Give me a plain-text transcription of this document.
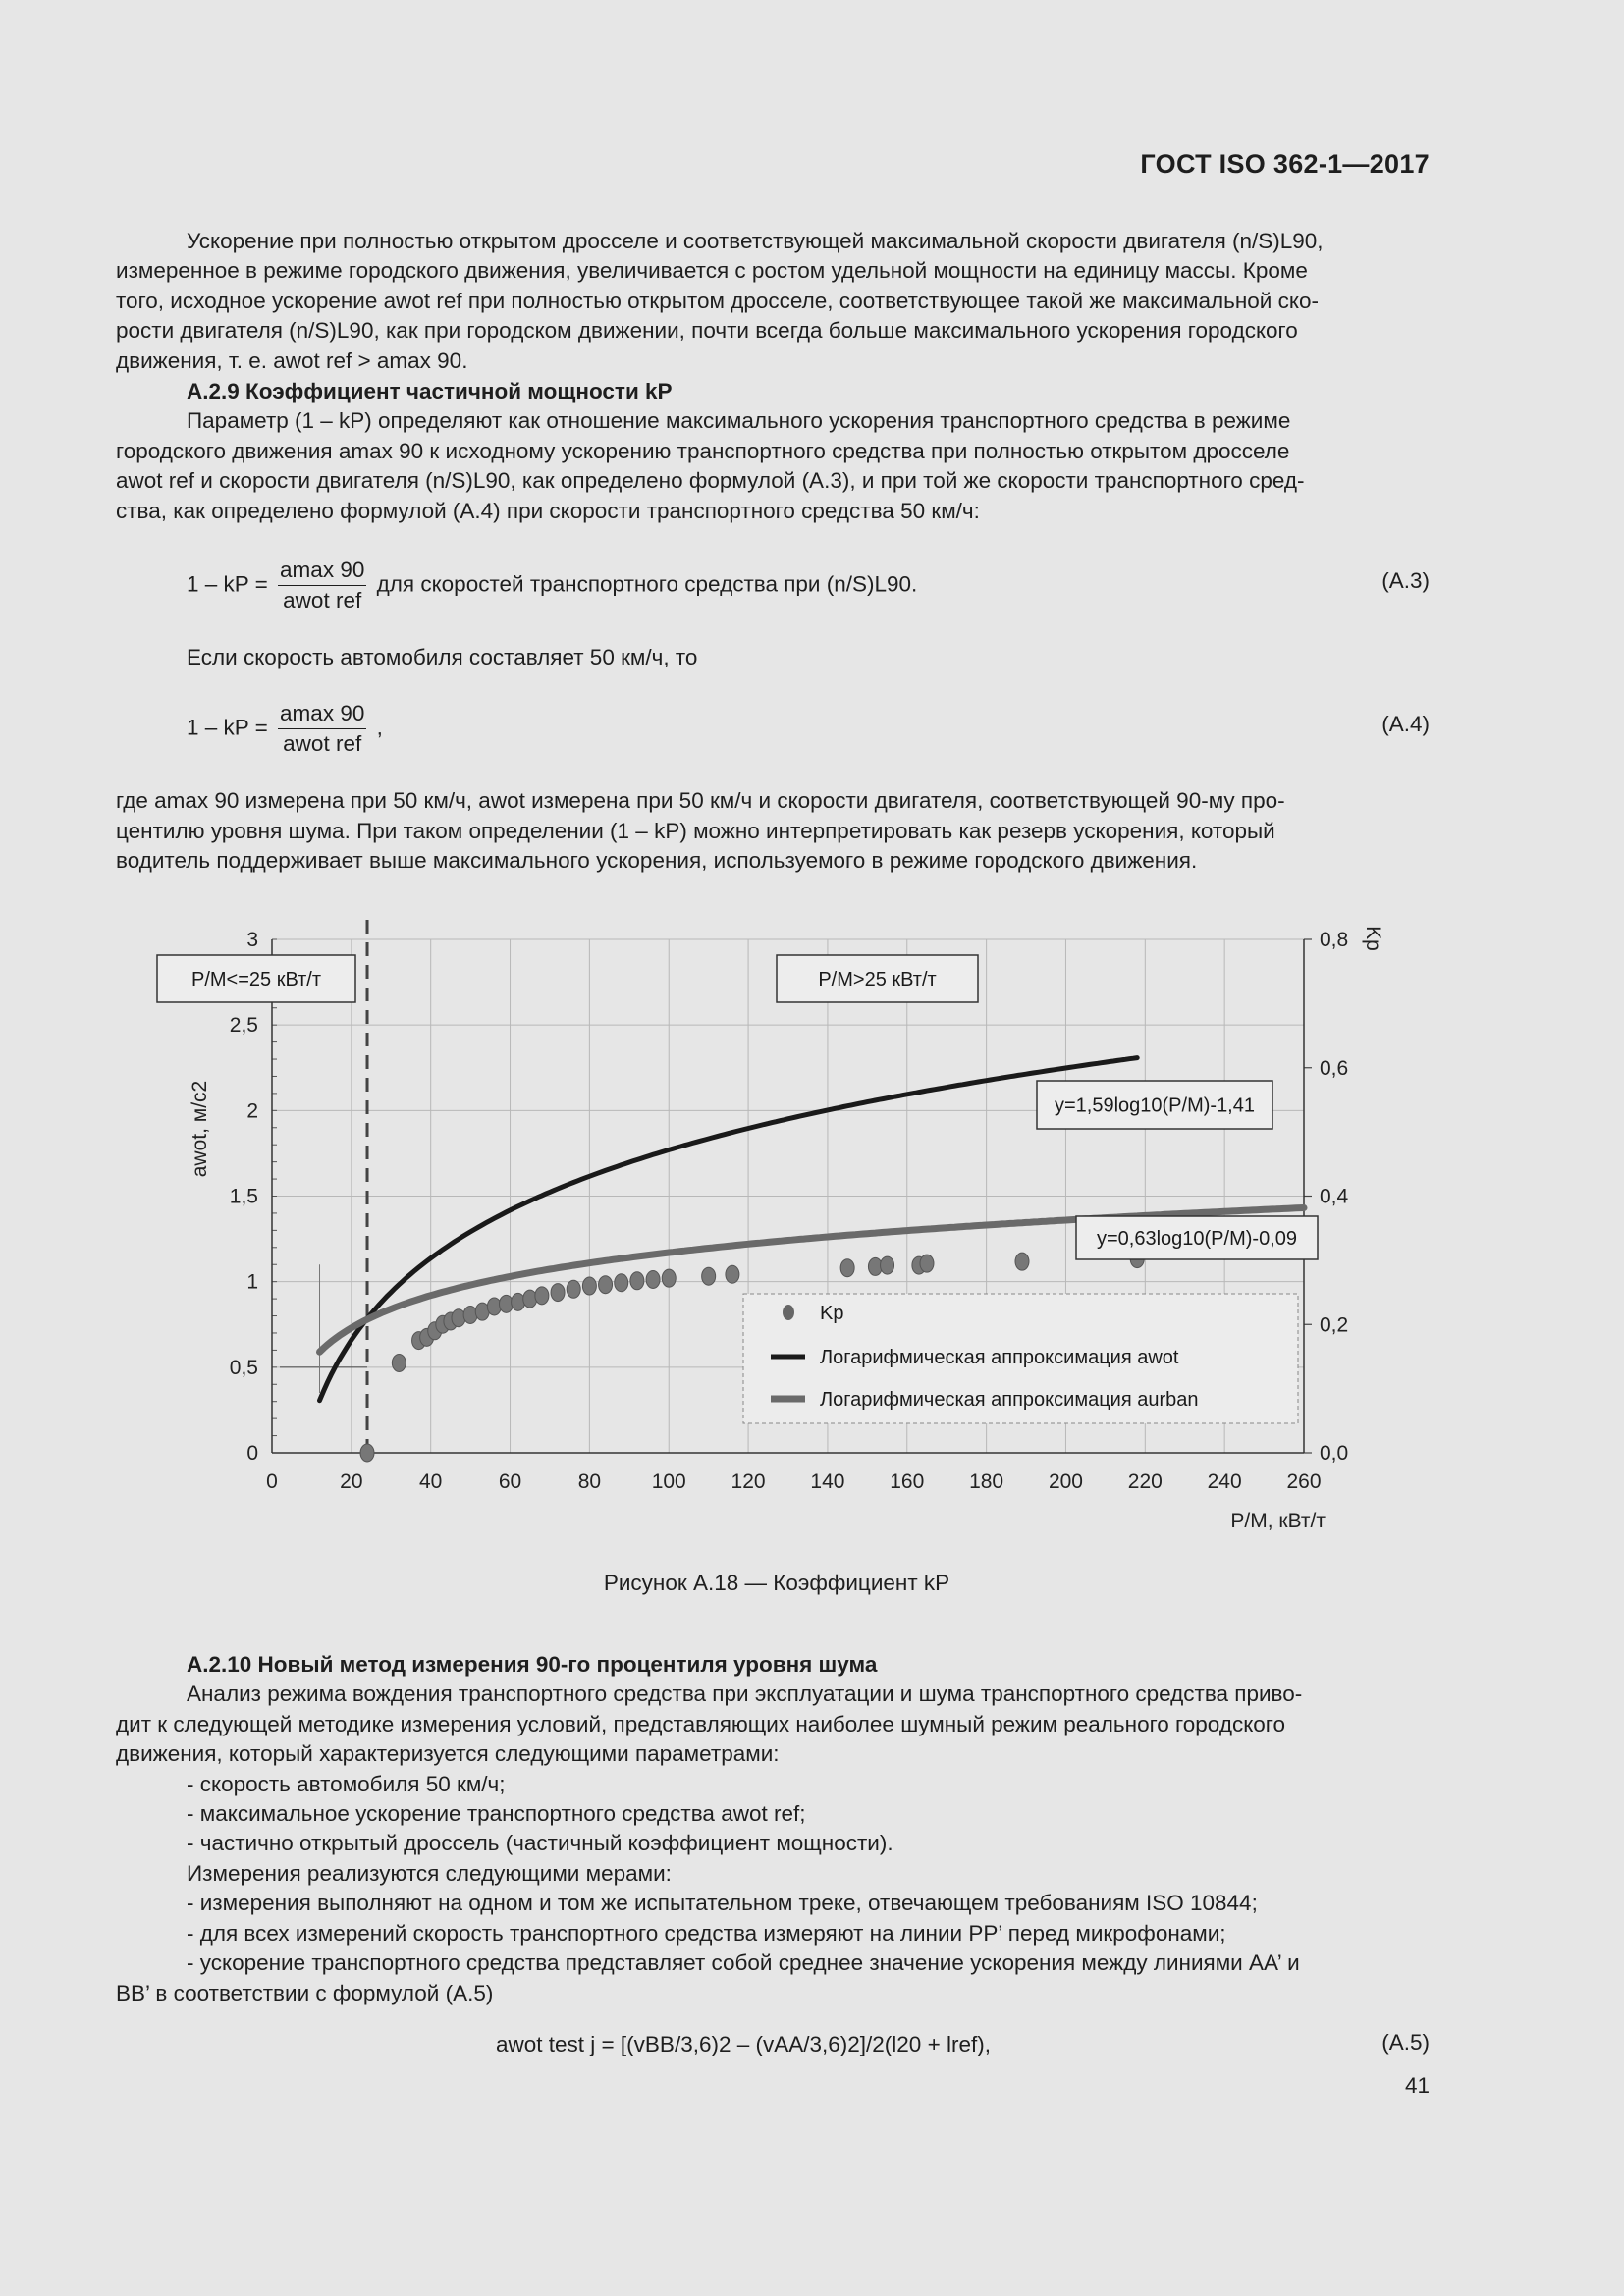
ГОСТ ISO 362-1—2017
Ускорение при полностью открытом дросселе и соответствующей максимальной скорости двигателя (n/S)L90,
измеренное в режиме городского движения, увеличивается с ростом удельной мощности на единицу массы. Кроме
того, исходное ускорение awot ref при полностью открытом дросселе, соответствующее такой же максимальной ско-
рости двигателя (n/S)L90, как при городском движении, почти всегда больше максимального ускорения городского
движения, т. е. awot ref > amax 90.
А.2.9 Коэффициент частичной мощности kP
Параметр (1 – kP) определяют как отношение максимального ускорения транспортного средства в режиме
городского движения amax 90 к исходному ускорению транспортного средства при полностью открытом дросселе
awot ref и скорости двигателя (n/S)L90, как определено формулой (А.3), и при той же скорости транспортного сред-
ства, как определено формулой (А.4) при скорости транспортного средства 50 км/ч:
1 – kP = $\frac{amax 90}{\text{awot ref}}$ для скоростей транспортного средства при (n/S)L90.	(А.3)
Если скорость автомобиля составляет 50 км/ч, то
1 – kP = $\frac{amax 90}{\text{awot ref}}$ ,	(А.4)
где amax 90 измерена при 50 км/ч, awot измерена при 50 км/ч и скорости двигателя, соответствующей 90-му про-
центилю уровня шума. При таком определении (1 – kP) можно интерпретировать как резерв ускорения, который
водитель поддерживает выше максимального ускорения, используемого в режиме городского движения.
0	20	40	60	80 100 120 140 160 180 200 220 240 260
0
0,5
1
1,5
2
2,5
3
0,0
0,2
0,4
0,6
0,8
P/M<=25 кВт/т	P/M>25 кВт/т
y=1,59log10(P/M)-1,41
y=0,63log10(P/M)-0,09
Kp
Логарифмическая аппроксимация awot
Логарифмическая аппроксимация aurban
awot, м/с2
Kp
P/M, кВт/т
Рисунок А.18 — Коэффициент kP
А.2.10 Новый метод измерения 90-го процентиля уровня шума
Анализ режима вождения транспортного средства при эксплуатации и шума транспортного средства приво-
дит к следующей методике измерения условий, представляющих наиболее шумный режим реального городского
движения, который характеризуется следующими параметрами:
- скорость автомобиля 50 км/ч;
- максимальное ускорение транспортного средства awot ref;
- частично открытый дроссель (частичный коэффициент мощности).
Измерения реализуются следующими мерами:
- измерения выполняют на одном и том же испытательном треке, отвечающем требованиям ISO 10844;
- для всех измерений скорость транспортного средства измеряют на линии РР’ перед микрофонами;
- ускорение транспортного средства представляет собой среднее значение ускорения между линиями АА’ и
ВВ’ в соответствии с формулой (А.5)
awot test j = [(vBB/3,6)2 – (vAA/3,6)2]/2(l20 + lref),	(А.5)
41
